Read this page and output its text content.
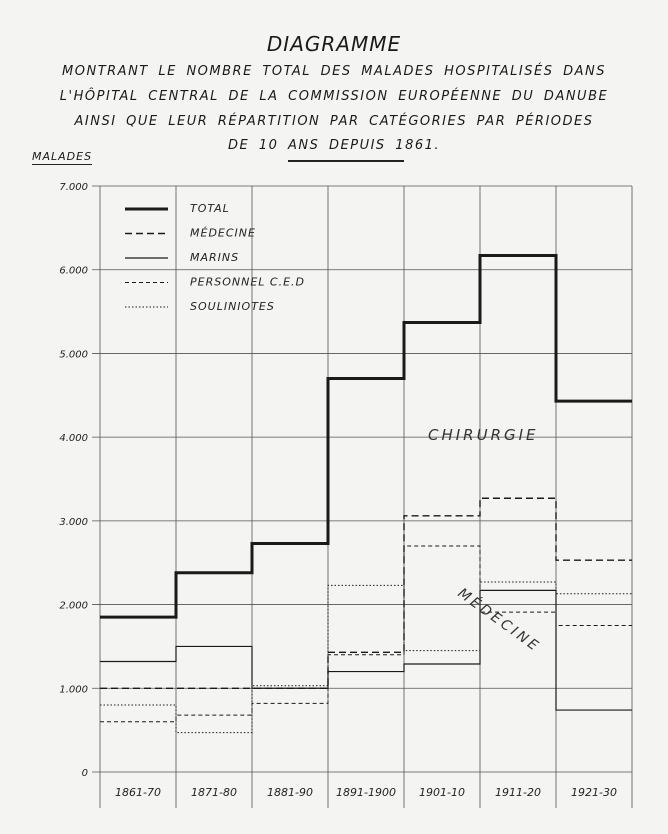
DIAGRAMME
MONTRANT LE NOMBRE TOTAL DES MALADES HOSPITALISÉS DANS
L'HÔPITAL CENTRAL DE LA COMMISSION EUROPÉENNE DU DANUBE
AINSI QUE LEUR RÉPARTITION PAR CATÉGORIES PAR PÉRIODES
DE 10 ANS DEPUIS 1861.
MALADES
0
1.000
2.000
3.000
4.000
5.000
6.000
7.000
1861-70	1871-80	1881-90 1891-1900 1901-10	1911-20	1921-30
TOTAL
MÉDECINE
MARINS
PERSONNEL C.E.D
SOULINIOTES
CHIRURGIE
MÉDECINE
